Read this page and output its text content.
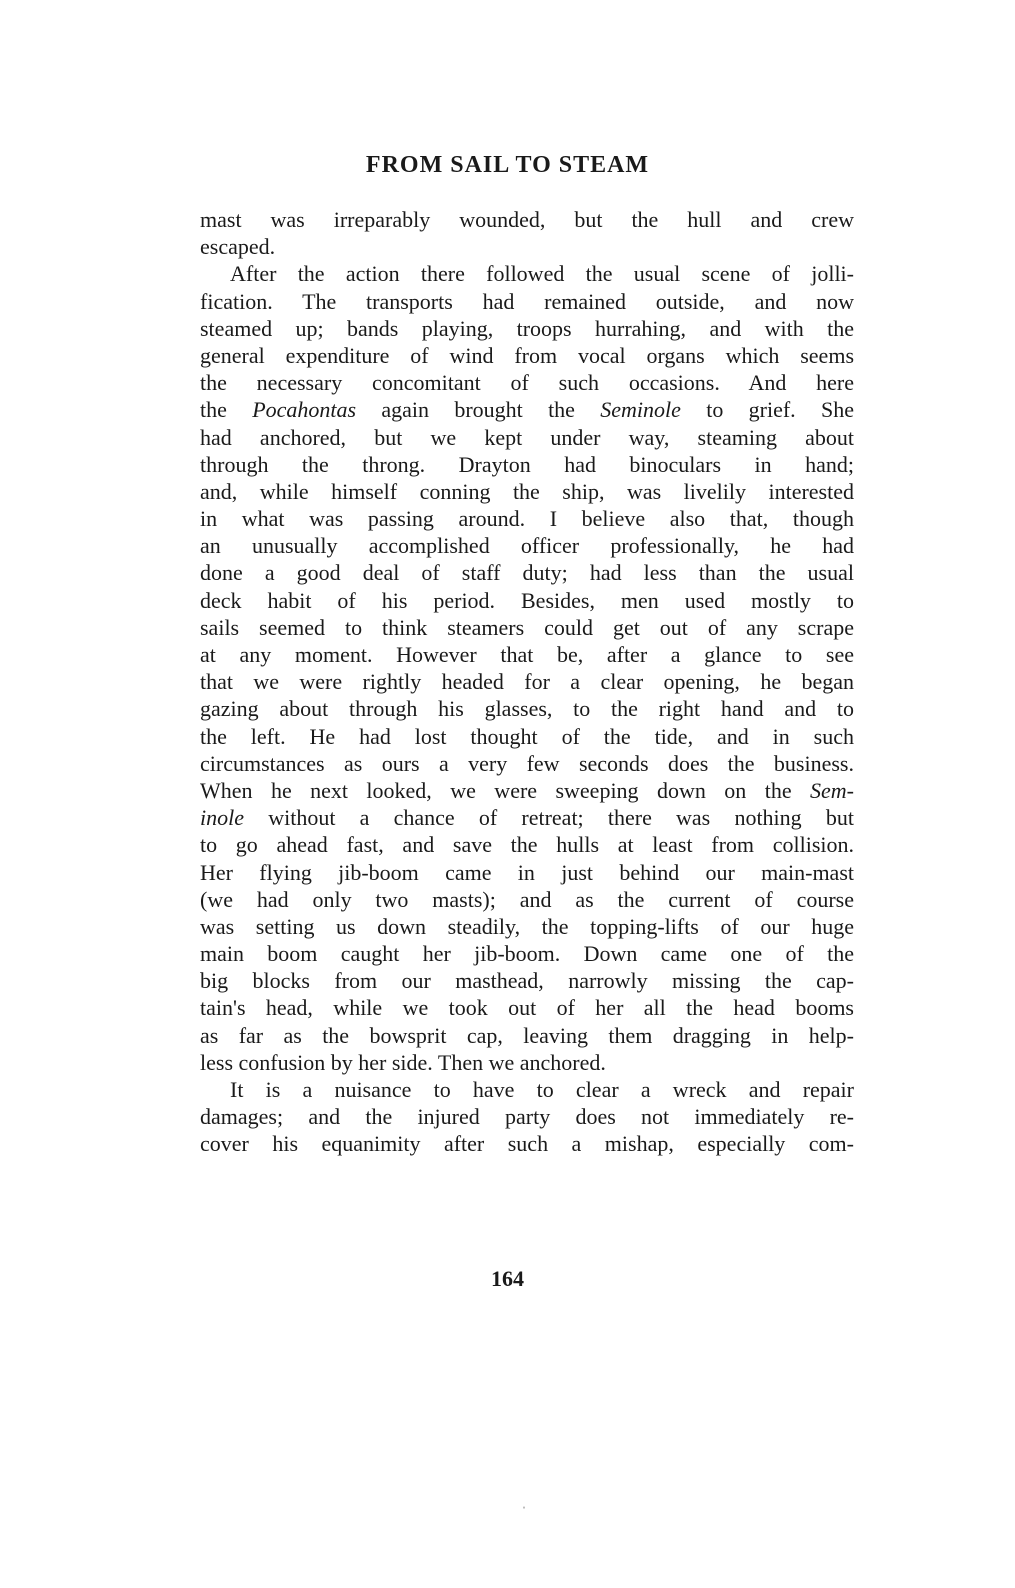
FROM SAIL TO STEAM
mast was irreparably wounded, but the hull and crew
escaped.
After the action there followed the usual scene of jolli-
fication. The transports had remained outside, and now
steamed up; bands playing, troops hurrahing, and with the
general expenditure of wind from vocal organs which seems
the necessary concomitant of such occasions. And here
the Pocahontas again brought the Seminole to grief. She
had anchored, but we kept under way, steaming about
through the throng. Drayton had binoculars in hand;
and, while himself conning the ship, was livelily interested
in what was passing around. I believe also that, though
an unusually accomplished officer professionally, he had
done a good deal of staff duty; had less than the usual
deck habit of his period. Besides, men used mostly to
sails seemed to think steamers could get out of any scrape
at any moment. However that be, after a glance to see
that we were rightly headed for a clear opening, he began
gazing about through his glasses, to the right hand and to
the left. He had lost thought of the tide, and in such
circumstances as ours a very few seconds does the business.
When he next looked, we were sweeping down on the Sem-
inole without a chance of retreat; there was nothing but
to go ahead fast, and save the hulls at least from collision.
Her flying jib-boom came in just behind our main-mast
(we had only two masts); and as the current of course
was setting us down steadily, the topping-lifts of our huge
main boom caught her jib-boom. Down came one of the
big blocks from our masthead, narrowly missing the cap-
tain's head, while we took out of her all the head booms
as far as the bowsprit cap, leaving them dragging in help-
less confusion by her side. Then we anchored.
It is a nuisance to have to clear a wreck and repair
damages; and the injured party does not immediately re-
cover his equanimity after such a mishap, especially com-
164
ˌ
